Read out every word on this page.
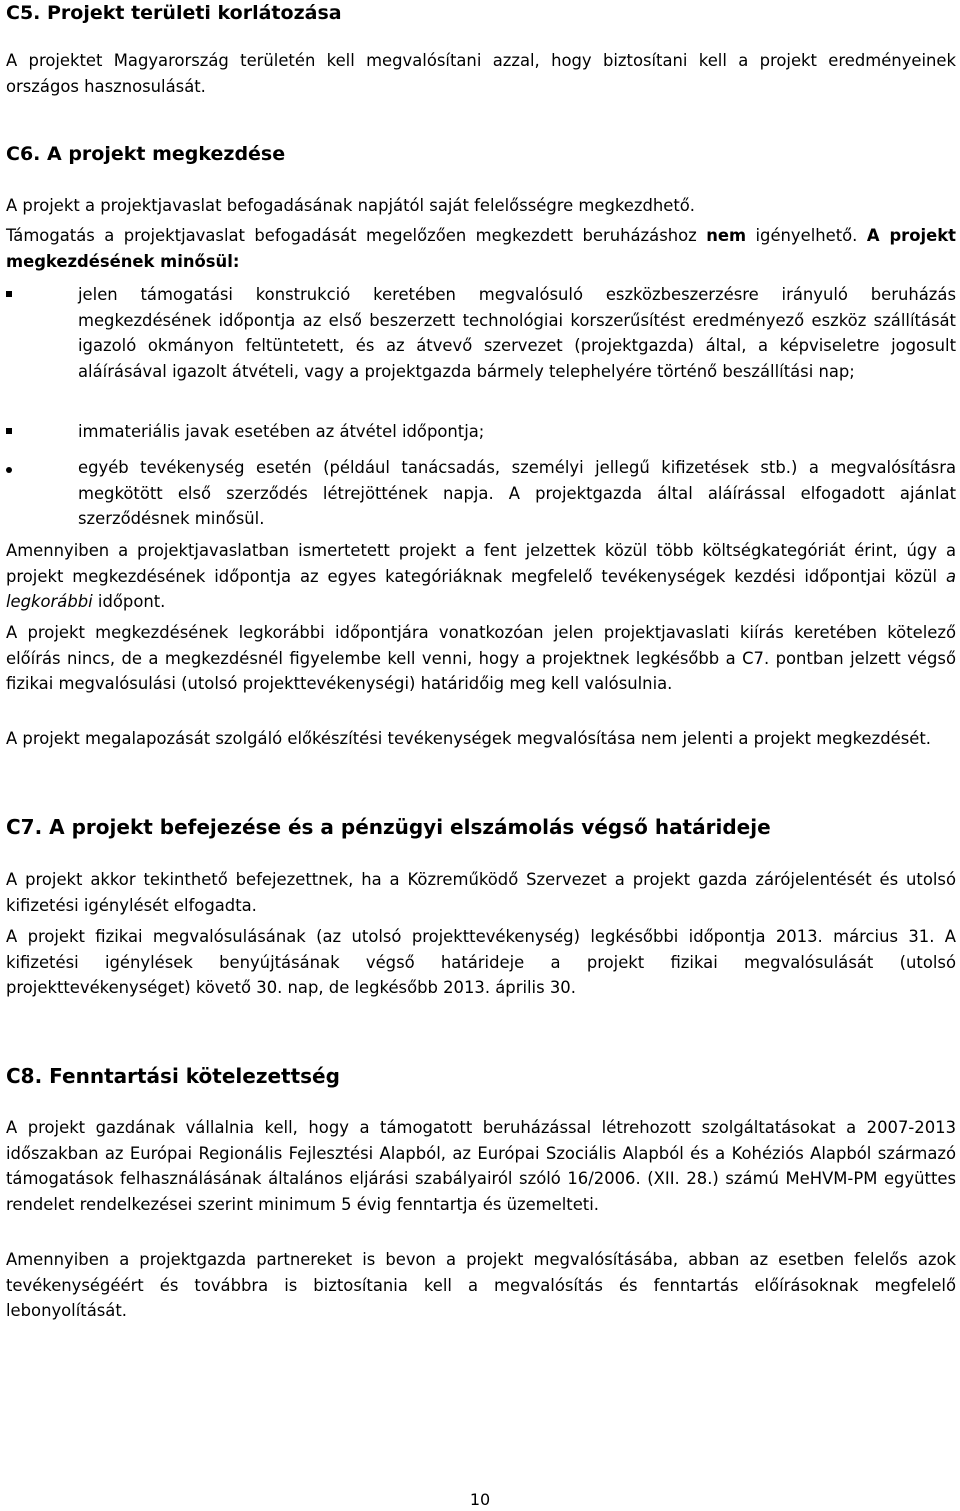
C5. Projekt területi korlátozása

A projektet Magyarország területén kell megvalósítani azzal, hogy biztosítani kell a projekt eredményeinek országos hasznosulását.

C6. A projekt megkezdése

A projekt a projektjavaslat befogadásának napjától saját felelősségre megkezdhető.

Támogatás a projektjavaslat befogadását megelőzően megkezdett beruházáshoz nem igényelhető. A projekt megkezdésének minősül:

jelen támogatási konstrukció keretében megvalósuló eszközbeszerzésre irányuló beruházás megkezdésének időpontja az első beszerzett technológiai korszerűsítést eredményező eszköz szállítását igazoló okmányon feltüntetett, és az átvevő szervezet (projektgazda) által, a képviseletre jogosult aláírásával igazolt átvételi, vagy a projektgazda bármely telephelyére történő beszállítási nap;

immateriális javak esetében az átvétel időpontja;

egyéb tevékenység esetén (például tanácsadás, személyi jellegű kifizetések stb.) a megvalósításra megkötött első szerződés létrejöttének napja. A projektgazda által aláírással elfogadott ajánlat szerződésnek minősül.

Amennyiben a projektjavaslatban ismertetett projekt a fent jelzettek közül több költségkategóriát érint, úgy a projekt megkezdésének időpontja az egyes kategóriáknak megfelelő tevékenységek kezdési időpontjai közül a legkorábbi időpont.

A projekt megkezdésének legkorábbi időpontjára vonatkozóan jelen projektjavaslati kiírás keretében kötelező előírás nincs, de a megkezdésnél figyelembe kell venni, hogy a projektnek legkésőbb a C7. pontban jelzett végső fizikai megvalósulási (utolsó projekttevékenységi) határidőig meg kell valósulnia.

A projekt megalapozását szolgáló előkészítési tevékenységek megvalósítása nem jelenti a projekt megkezdését.

C7. A projekt befejezése és a pénzügyi elszámolás végső határideje

A projekt akkor tekinthető befejezettnek, ha a Közreműködő Szervezet a projekt gazda zárójelentését és utolsó kifizetési igénylését elfogadta.

A projekt fizikai megvalósulásának (az utolsó projekttevékenység) legkésőbbi időpontja 2013. március 31. A kifizetési igénylések benyújtásának végső határideje a projekt fizikai megvalósulását (utolsó projekttevékenységet) követő 30. nap, de legkésőbb 2013. április 30.

C8. Fenntartási kötelezettség

A projekt gazdának vállalnia kell, hogy a támogatott beruházással létrehozott szolgáltatásokat a 2007-2013 időszakban az Európai Regionális Fejlesztési Alapból, az Európai Szociális Alapból és a Kohéziós Alapból származó támogatások felhasználásának általános eljárási szabályairól szóló 16/2006. (XII. 28.) számú MeHVM-PM együttes rendelet rendelkezései szerint minimum 5 évig fenntartja és üzemelteti.

Amennyiben a projektgazda partnereket is bevon a projekt megvalósításába, abban az esetben felelős azok tevékenységéért és továbbra is biztosítania kell a megvalósítás és fenntartás előírásoknak megfelelő lebonyolítását.

10
